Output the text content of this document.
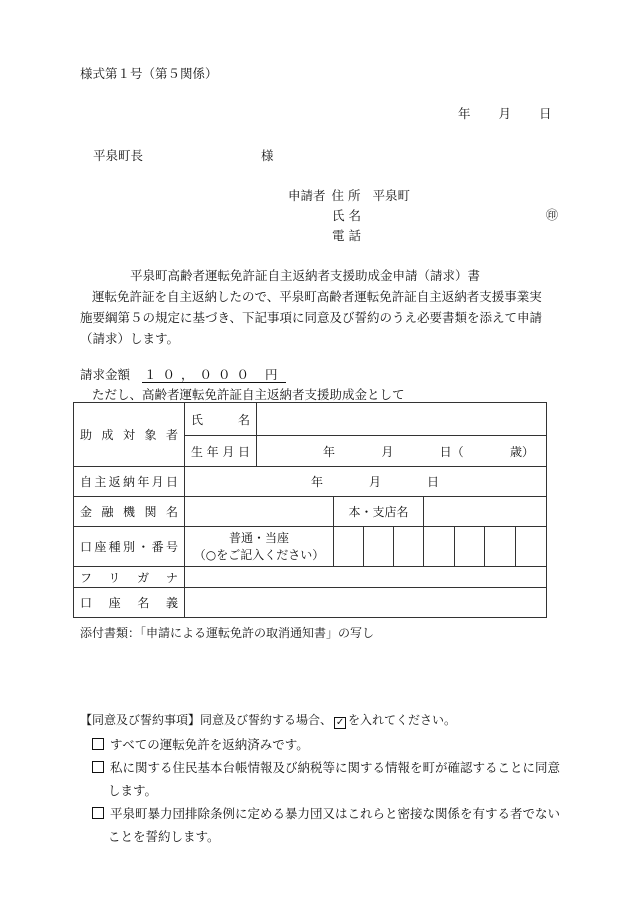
様式第１号（第５関係）
年 月 日
平泉町長	様
申請者 住 所 平泉町
氏 名
電 話
㊞
平泉町高齢者運転免許証自主返納者支援助成金申請（請求）書
運転免許証を自主返納したので、平泉町高齢者運転免許証自主返納者支援事業実施要綱第５の規定に基づき、下記事項に同意及び誓約のうえ必要書類を添えて申請（請求）します。
請求金額 １０，０００ 円
ただし、高齢者運転免許証自主返納者支援助成金として
助成対象者	氏　　名								
	生年月日	年 月 日（ 歳）							

自主返納年月日	年 月 日								

金融機関名			本・支店名						
口座種別・番号	普通・当座
（○をご記入ください）								

フリガナ									
口座名義									
添付書類：「申請による運転免許の取消通知書」の写し
【同意及び誓約事項】同意及び誓約する場合、 ✓ を入れてください。
すべての運転免許を返納済みです。
私に関する住民基本台帳情報及び納税等に関する情報を町が確認することに同意します。
平泉町暴力団排除条例に定める暴力団又はこれらと密接な関係を有する者でないことを誓約します。
